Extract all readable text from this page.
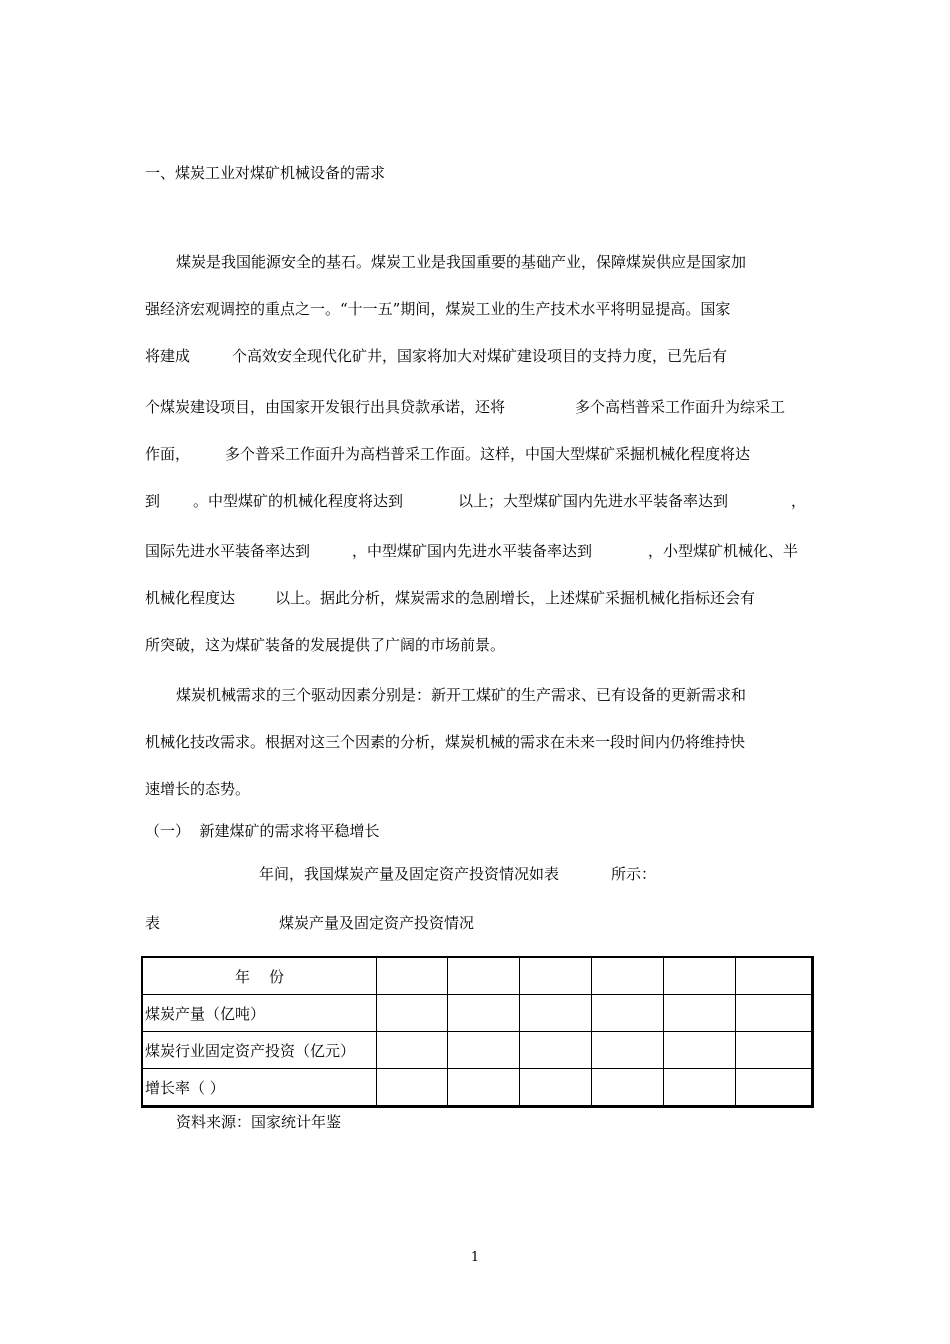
一、煤炭工业对煤矿机械设备的需求
煤炭是我国能源安全的基石。煤炭工业是我国重要的基础产业，保障煤炭供应是国家加
强经济宏观调控的重点之一。“十一五”期间，煤炭工业的生产技术水平将明显提高。国家
将建成	个高效安全现代化矿井，国家将加大对煤矿建设项目的支持力度，已先后有
个煤炭建设项目，由国家开发银行出具贷款承诺，还将	多个高档普采工作面升为综采工
作面， 多个普采工作面升为高档普采工作面。这样，中国大型煤矿采掘机械化程度将达
到 。中型煤矿的机械化程度将达到	以上；大型煤矿国内先进水平装备率达到	，
国际先进水平装备率达到	，中型煤矿国内先进水平装备率达到	，小型煤矿机械化、半
机械化程度达	以上。据此分析，煤炭需求的急剧增长，上述煤矿采掘机械化指标还会有
所突破，这为煤矿装备的发展提供了广阔的市场前景。
煤炭机械需求的三个驱动因素分别是：新开工煤矿的生产需求、已有设备的更新需求和
机械化技改需求。根据对这三个因素的分析，煤炭机械的需求在未来一段时间内仍将维持快
速增长的态势。
（一）  新建煤矿的需求将平稳增长
年间，我国煤炭产量及固定资产投资情况如表	所示：
表	煤炭产量及固定资产投资情况
年    份						
煤炭产量（亿吨）						
煤炭行业固定资产投资（亿元）						
增长率（ ）						
资料来源：国家统计年鉴
1
